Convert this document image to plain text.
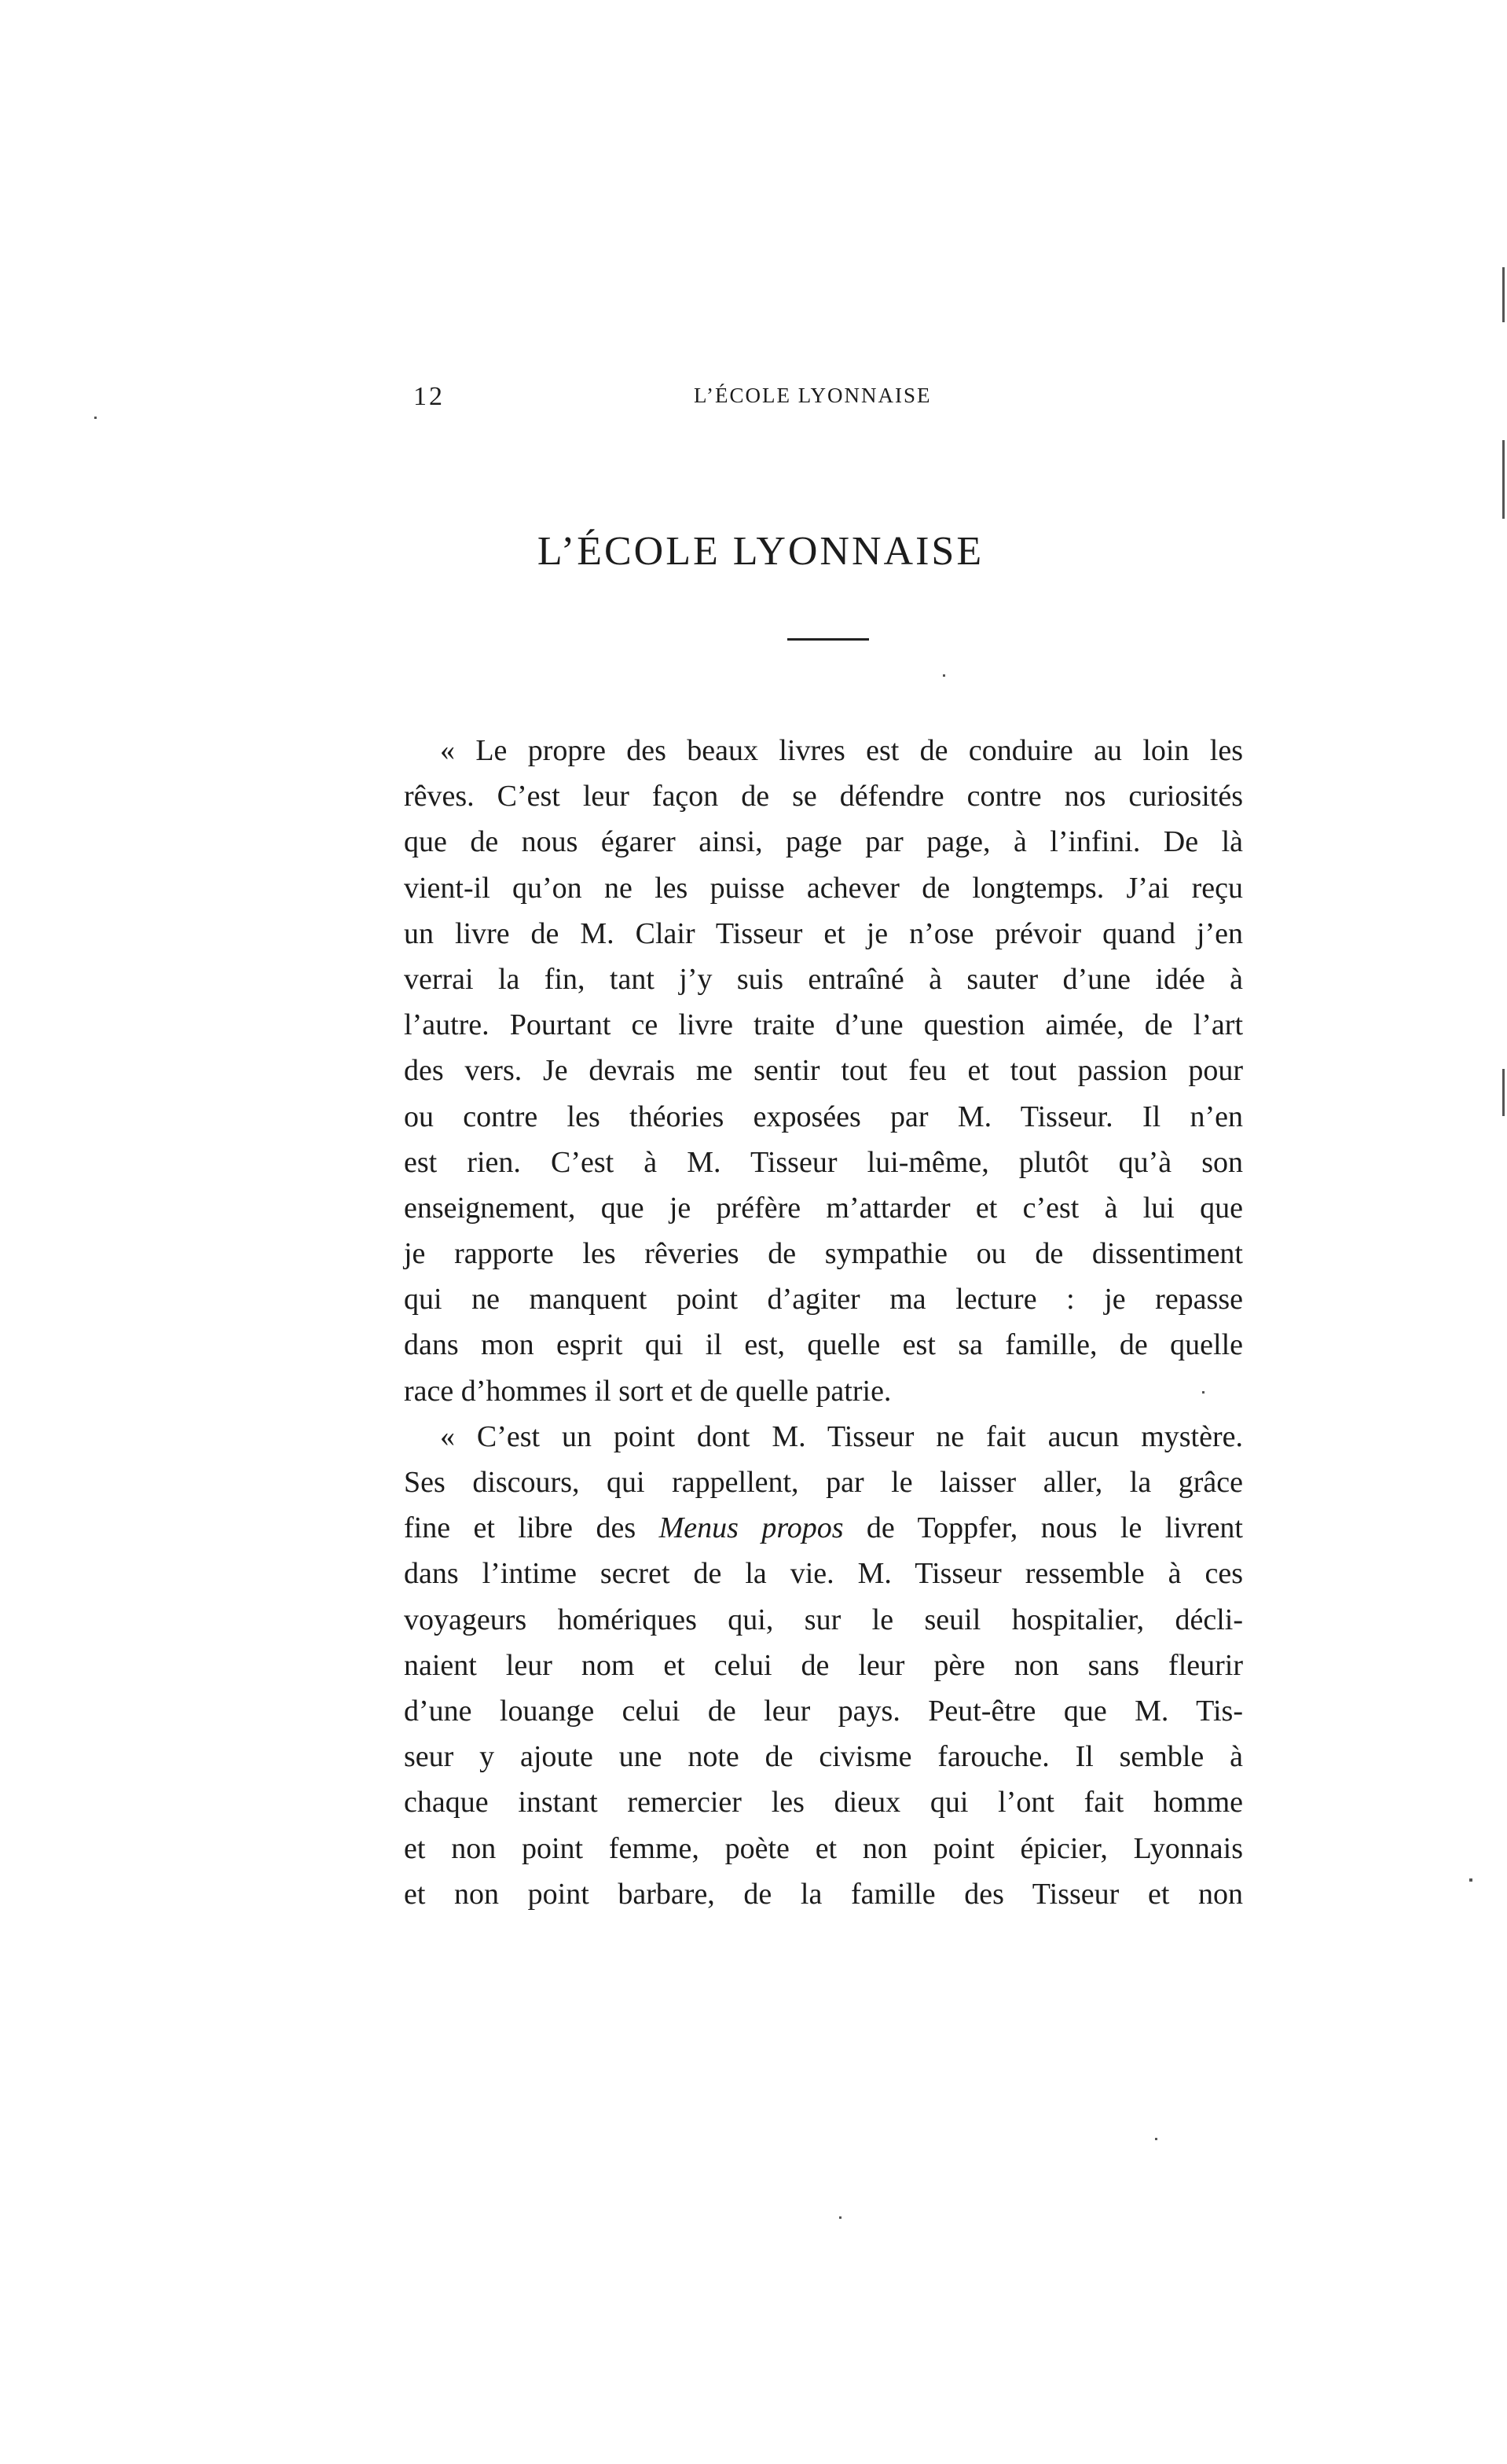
12	L’ÉCOLE LYONNAISE
L’ÉCOLE LYONNAISE
« Le propre des beaux livres est de conduire au loin les
rêves. C’est leur façon de se défendre contre nos curiosités
que de nous égarer ainsi, page par page, à l’infini. De là
vient-il qu’on ne les puisse achever de longtemps. J’ai reçu
un livre de M. Clair Tisseur et je n’ose prévoir quand j’en
verrai la fin, tant j’y suis entraîné à sauter d’une idée à
l’autre. Pourtant ce livre traite d’une question aimée, de l’art
des vers. Je devrais me sentir tout feu et tout passion pour
ou contre les théories exposées par M. Tisseur. Il n’en
est rien. C’est à M. Tisseur lui-même, plutôt qu’à son
enseignement, que je préfère m’attarder et c’est à lui que
je rapporte les rêveries de sympathie ou de dissentiment
qui ne manquent point d’agiter ma lecture : je repasse
dans mon esprit qui il est, quelle est sa famille, de quelle
race d’hommes il sort et de quelle patrie.
« C’est un point dont M. Tisseur ne fait aucun mystère.
Ses discours, qui rappellent, par le laisser aller, la grâce
fine et libre des Menus propos de Toppfer, nous le livrent
dans l’intime secret de la vie. M. Tisseur ressemble à ces
voyageurs homériques qui, sur le seuil hospitalier, décli-
naient leur nom et celui de leur père non sans fleurir
d’une louange celui de leur pays. Peut-être que M. Tis-
seur y ajoute une note de civisme farouche. Il semble à
chaque instant remercier les dieux qui l’ont fait homme
et non point femme, poète et non point épicier, Lyonnais
et non point barbare, de la famille des Tisseur et non
